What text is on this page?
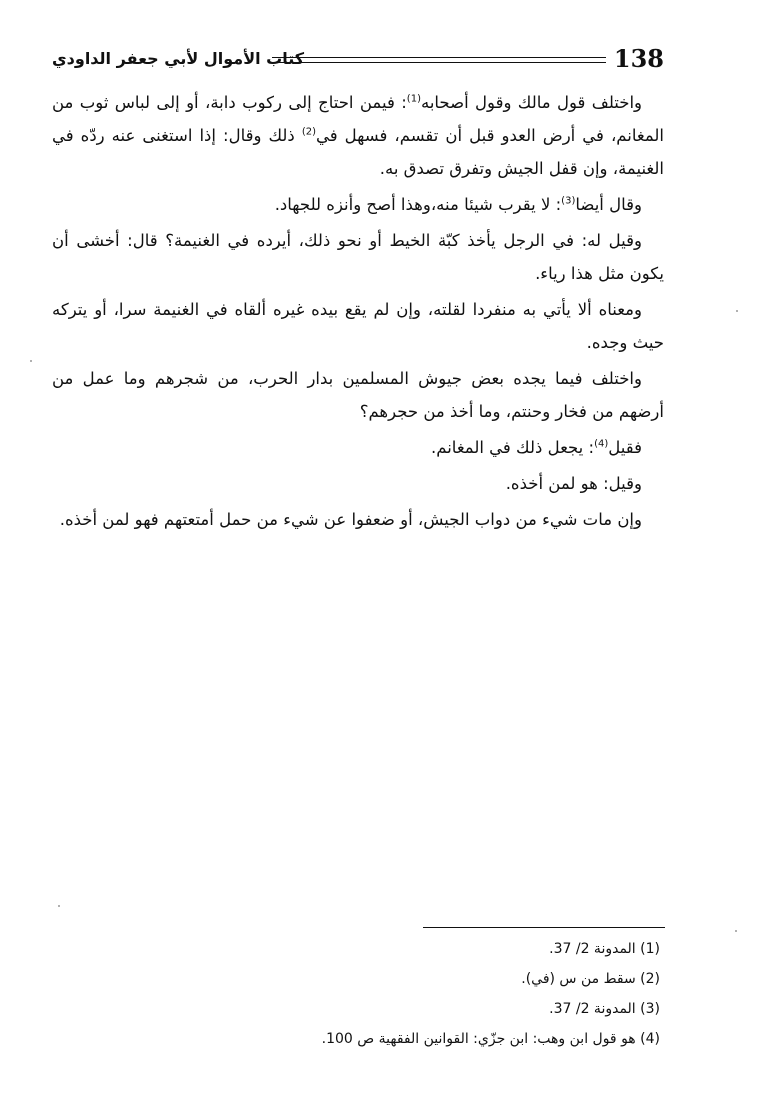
138
كتاب الأموال لأبي جعفر الداودي

واختلف قول مالك وقول أصحابه$^{(1)}$: فيمن احتاج إلى ركوب دابة، أو إلى لباس ثوب من المغانم، في أرض العدو قبل أن تقسم، فسهل في$^{(2)}$ ذلك وقال: إذا استغنى عنه ردّه في الغنيمة، وإن قفل الجيش وتفرق تصدق به.

وقال أيضا$^{(3)}$: لا يقرب شيئا منه،وهذا أصح وأنزه للجهاد.

وقيل له: في الرجل يأخذ كبّة الخيط أو نحو ذلك، أيرده في الغنيمة؟ قال: أخشى أن يكون مثل هذا رياء.

ومعناه ألا يأتي به منفردا لقلته، وإن لم يقع بيده غيره ألقاه في الغنيمة سرا، أو يتركه حيث وجده.

واختلف فيما يجده بعض جيوش المسلمين بدار الحرب، من شجرهم وما عمل من أرضهم من فخار وحنتم، وما أخذ من حجرهم؟

فقيل$^{(4)}$: يجعل ذلك في المغانم.

وقيل: هو لمن أخذه.

وإن مات شيء من دواب الجيش، أو ضعفوا عن شيء من حمل أمتعتهم فهو لمن أخذه.

(1) المدونة 2/ 37.

(2) سقط من س (في).

(3) المدونة 2/ 37.

(4) هو قول ابن وهب: ابن جزّي: القوانين الفقهية ص 100.
